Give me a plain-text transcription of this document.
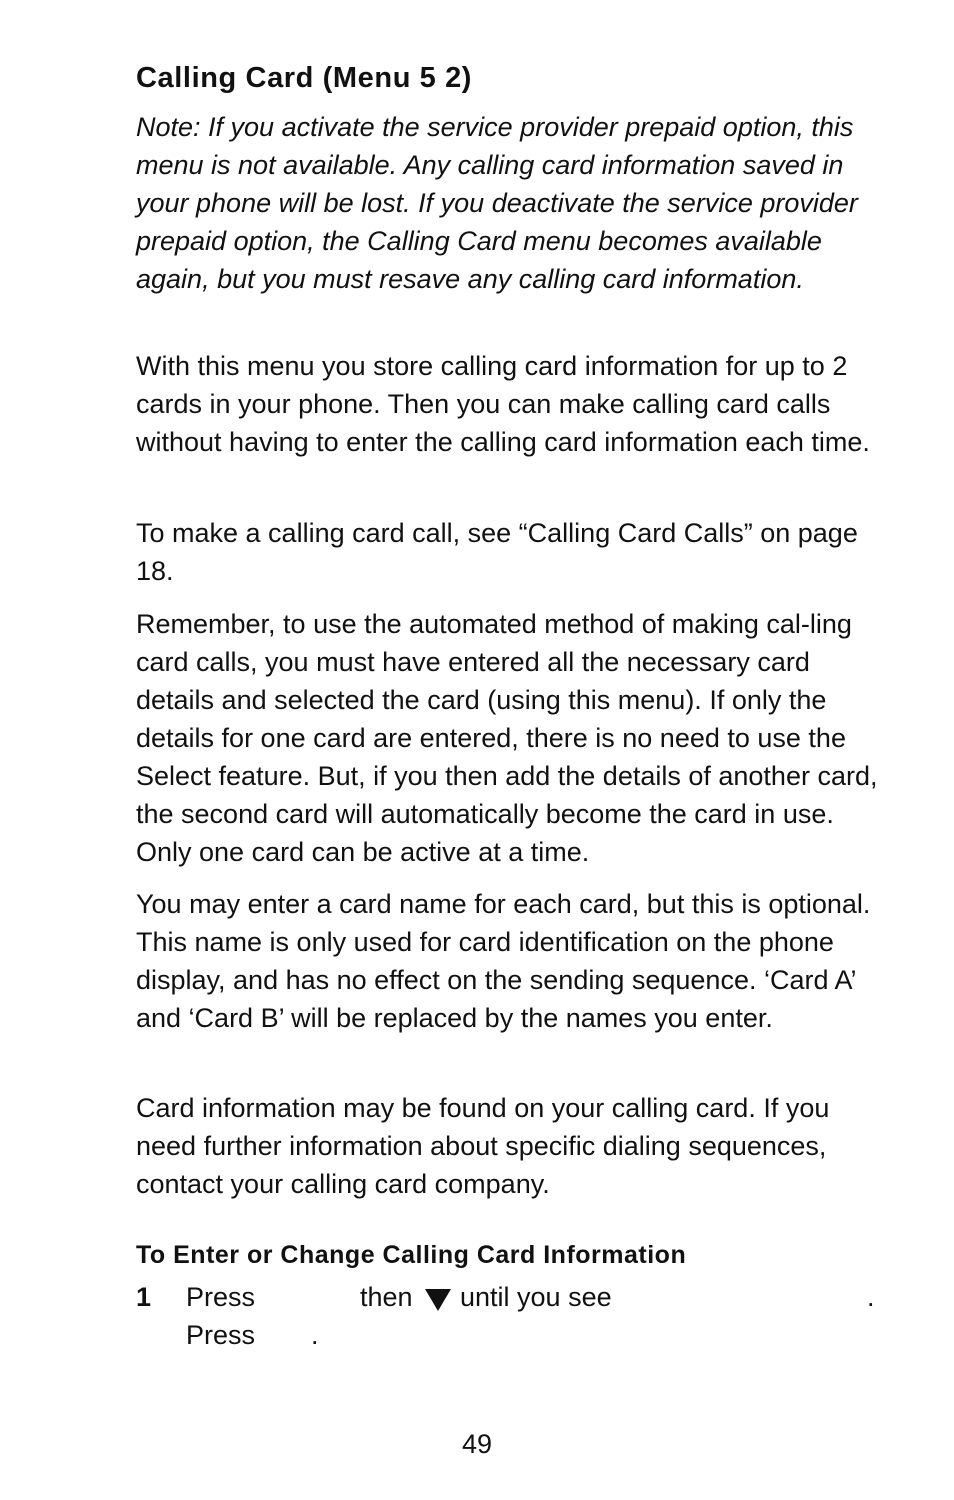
Calling Card (Menu 5 2)

Note: If you activate the service provider prepaid option, this menu is not available. Any calling card information saved in your phone will be lost. If you deactivate the service provider prepaid option, the Calling Card menu becomes available again, but you must resave any calling card information.

With this menu you store calling card information for up to 2 cards in your phone. Then you can make calling card calls without having to enter the calling card information each time.

To make a calling card call, see “Calling Card Calls” on page 18.

Remember, to use the automated method of making cal-ling card calls, you must have entered all the necessary card details and selected the card (using this menu). If only the details for one card are entered, there is no need to use the Select feature. But, if you then add the details of another card, the second card will automatically become the card in use. Only one card can be active at a time.

You may enter a card name for each card, but this is optional. This name is only used for card identification on the phone display, and has no effect on the sending sequence. ‘Card A’ and ‘Card B’ will be replaced by the names you enter.

Card information may be found on your calling card. If you need further information about specific dialing sequences, contact your calling card company.

To Enter or Change Calling Card Information
1 Press	then until you see	.
Press .
49
